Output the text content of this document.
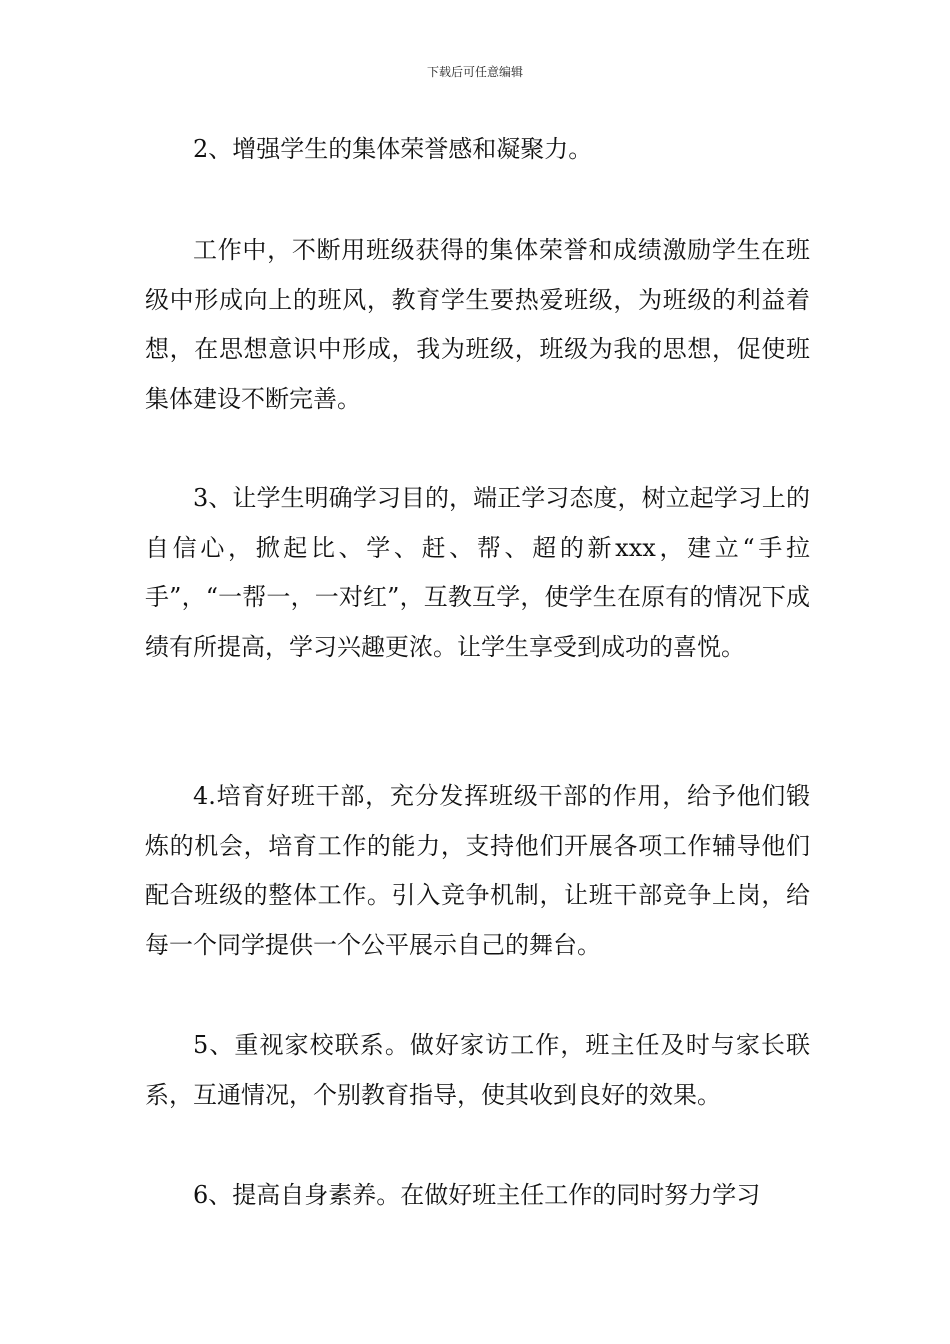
下载后可任意编辑

2、增强学生的集体荣誉感和凝聚力。

工作中，不断用班级获得的集体荣誉和成绩激励学生在班级中形成向上的班风，教育学生要热爱班级，为班级的利益着想，在思想意识中形成，我为班级，班级为我的思想，促使班集体建设不断完善。

3、让学生明确学习目的，端正学习态度，树立起学习上的自信心，掀起比、学、赶、帮、超的新xxx，建立“手拉手”，“一帮一，一对红”，互教互学，使学生在原有的情况下成绩有所提高，学习兴趣更浓。让学生享受到成功的喜悦。

4.培育好班干部，充分发挥班级干部的作用，给予他们锻炼的机会，培育工作的能力，支持他们开展各项工作辅导他们配合班级的整体工作。引入竞争机制，让班干部竞争上岗，给每一个同学提供一个公平展示自己的舞台。

5、重视家校联系。做好家访工作，班主任及时与家长联系，互通情况，个别教育指导，使其收到良好的效果。

6、提高自身素养。在做好班主任工作的同时努力学习
